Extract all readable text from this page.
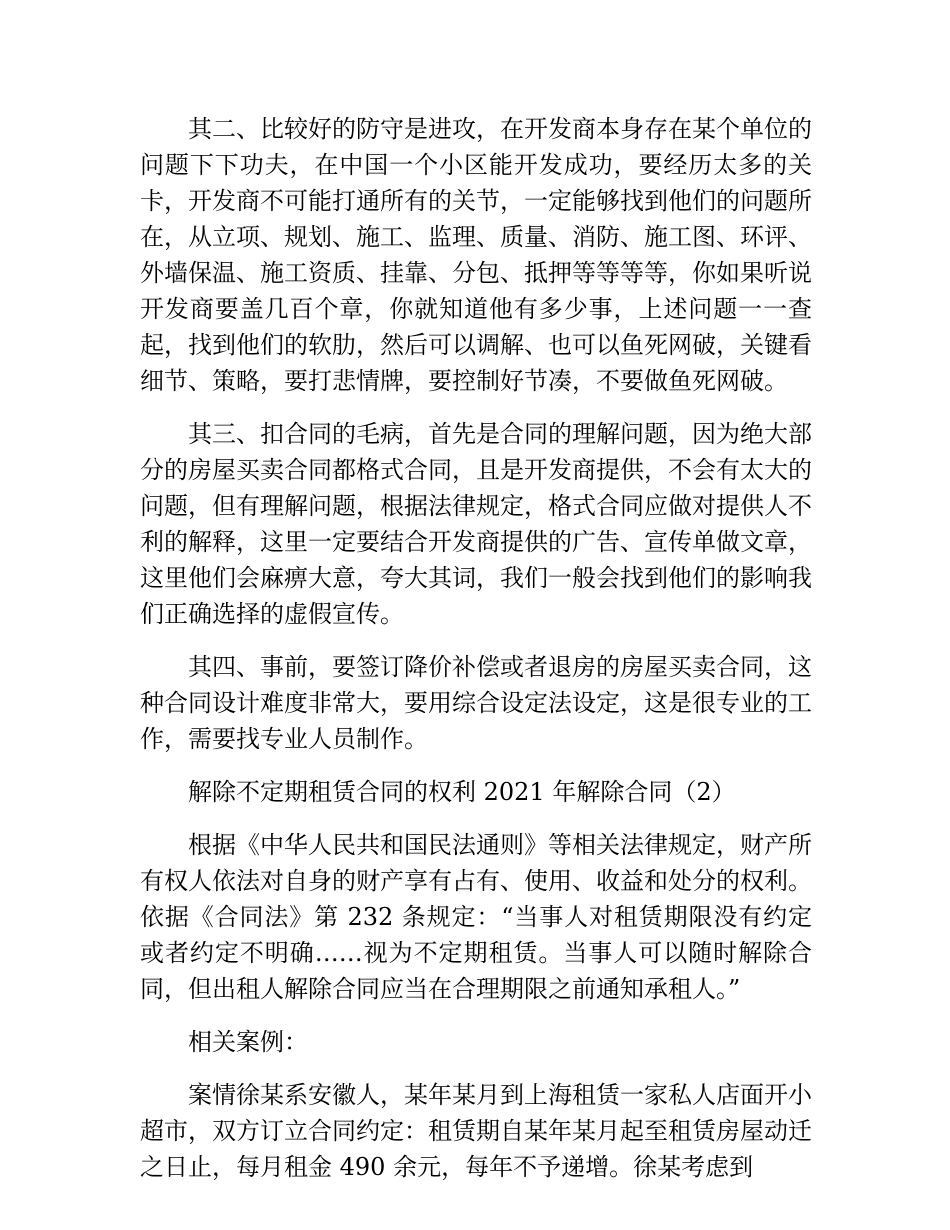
其二、比较好的防守是进攻，在开发商本身存在某个单位的问题下下功夫，在中国一个小区能开发成功，要经历太多的关卡，开发商不可能打通所有的关节，一定能够找到他们的问题所在，从立项、规划、施工、监理、质量、消防、施工图、环评、外墙保温、施工资质、挂靠、分包、抵押等等等等，你如果听说开发商要盖几百个章，你就知道他有多少事，上述问题一一查起，找到他们的软肋，然后可以调解、也可以鱼死网破，关键看细节、策略，要打悲情牌，要控制好节凑，不要做鱼死网破。

其三、扣合同的毛病，首先是合同的理解问题，因为绝大部分的房屋买卖合同都格式合同，且是开发商提供，不会有太大的问题，但有理解问题，根据法律规定，格式合同应做对提供人不利的解释，这里一定要结合开发商提供的广告、宣传单做文章，这里他们会麻痹大意，夸大其词，我们一般会找到他们的影响我们正确选择的虚假宣传。

其四、事前，要签订降价补偿或者退房的房屋买卖合同，这种合同设计难度非常大，要用综合设定法设定，这是很专业的工作，需要找专业人员制作。

解除不定期租赁合同的权利 2021 年解除合同（2）

根据《中华人民共和国民法通则》等相关法律规定，财产所有权人依法对自身的财产享有占有、使用、收益和处分的权利。依据《合同法》第 232 条规定：“当事人对租赁期限没有约定或者约定不明确……视为不定期租赁。当事人可以随时解除合同，但出租人解除合同应当在合理期限之前通知承租人。”

相关案例：

案情徐某系安徽人，某年某月到上海租赁一家私人店面开小超市，双方订立合同约定：租赁期自某年某月起至租赁房屋动迁之日止，每月租金 490 余元，每年不予递增。徐某考虑到
